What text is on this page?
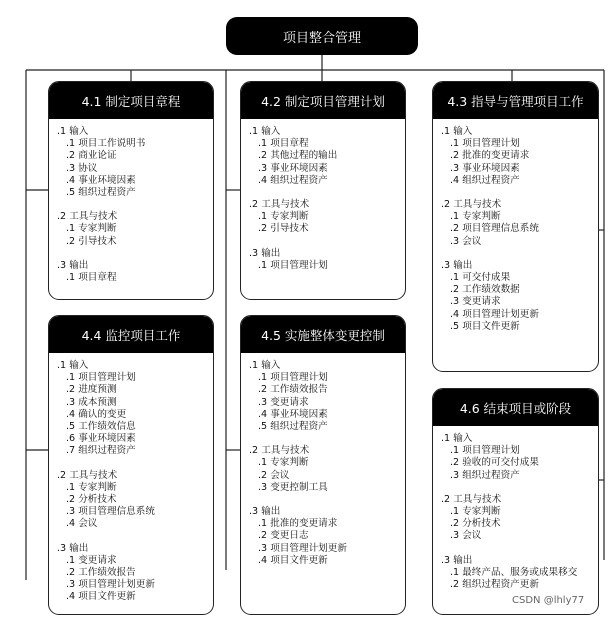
项目整合管理
4.1 制定项目章程
.1 输入
.1 项目工作说明书
.2 商业论证
.3 协议
.4 事业环境因素
.5 组织过程资产
.2 工具与技术
.1 专家判断
.2 引导技术
.3 输出
.1 项目章程
4.2 制定项目管理计划
.1 输入
.1 项目章程
.2 其他过程的输出
.3 事业环境因素
.4 组织过程资产
.2 工具与技术
.1 专家判断
.2 引导技术
.3 输出
.1 项目管理计划
4.3 指导与管理项目工作
.1 输入
.1 项目管理计划
.2 批准的变更请求
.3 事业环境因素
.4 组织过程资产
.2 工具与技术
.1 专家判断
.2 项目管理信息系统
.3 会议
.3 输出
.1 可交付成果
.2 工作绩效数据
.3 变更请求
.4 项目管理计划更新
.5 项目文件更新
4.4 监控项目工作
.1 输入
.1 项目管理计划
.2 进度预测
.3 成本预测
.4 确认的变更
.5 工作绩效信息
.6 事业环境因素
.7 组织过程资产
.2 工具与技术
.1 专家判断
.2 分析技术
.3 项目管理信息系统
.4 会议
.3 输出
.1 变更请求
.2 工作绩效报告
.3 项目管理计划更新
.4 项目文件更新
4.5 实施整体变更控制
.1 输入
.1 项目管理计划
.2 工作绩效报告
.3 变更请求
.4 事业环境因素
.5 组织过程资产
.2 工具与技术
.1 专家判断
.2 会议
.3 变更控制工具
.3 输出
.1 批准的变更请求
.2 变更日志
.3 项目管理计划更新
.4 项目文件更新
4.6 结束项目或阶段
.1 输入
.1 项目管理计划
.2 验收的可交付成果
.3 组织过程资产
.2 工具与技术
.1 专家判断
.2 分析技术
.3 会议
.3 输出
.1 最终产品、服务或成果移交
.2 组织过程资产更新
CSDN @lhly77
